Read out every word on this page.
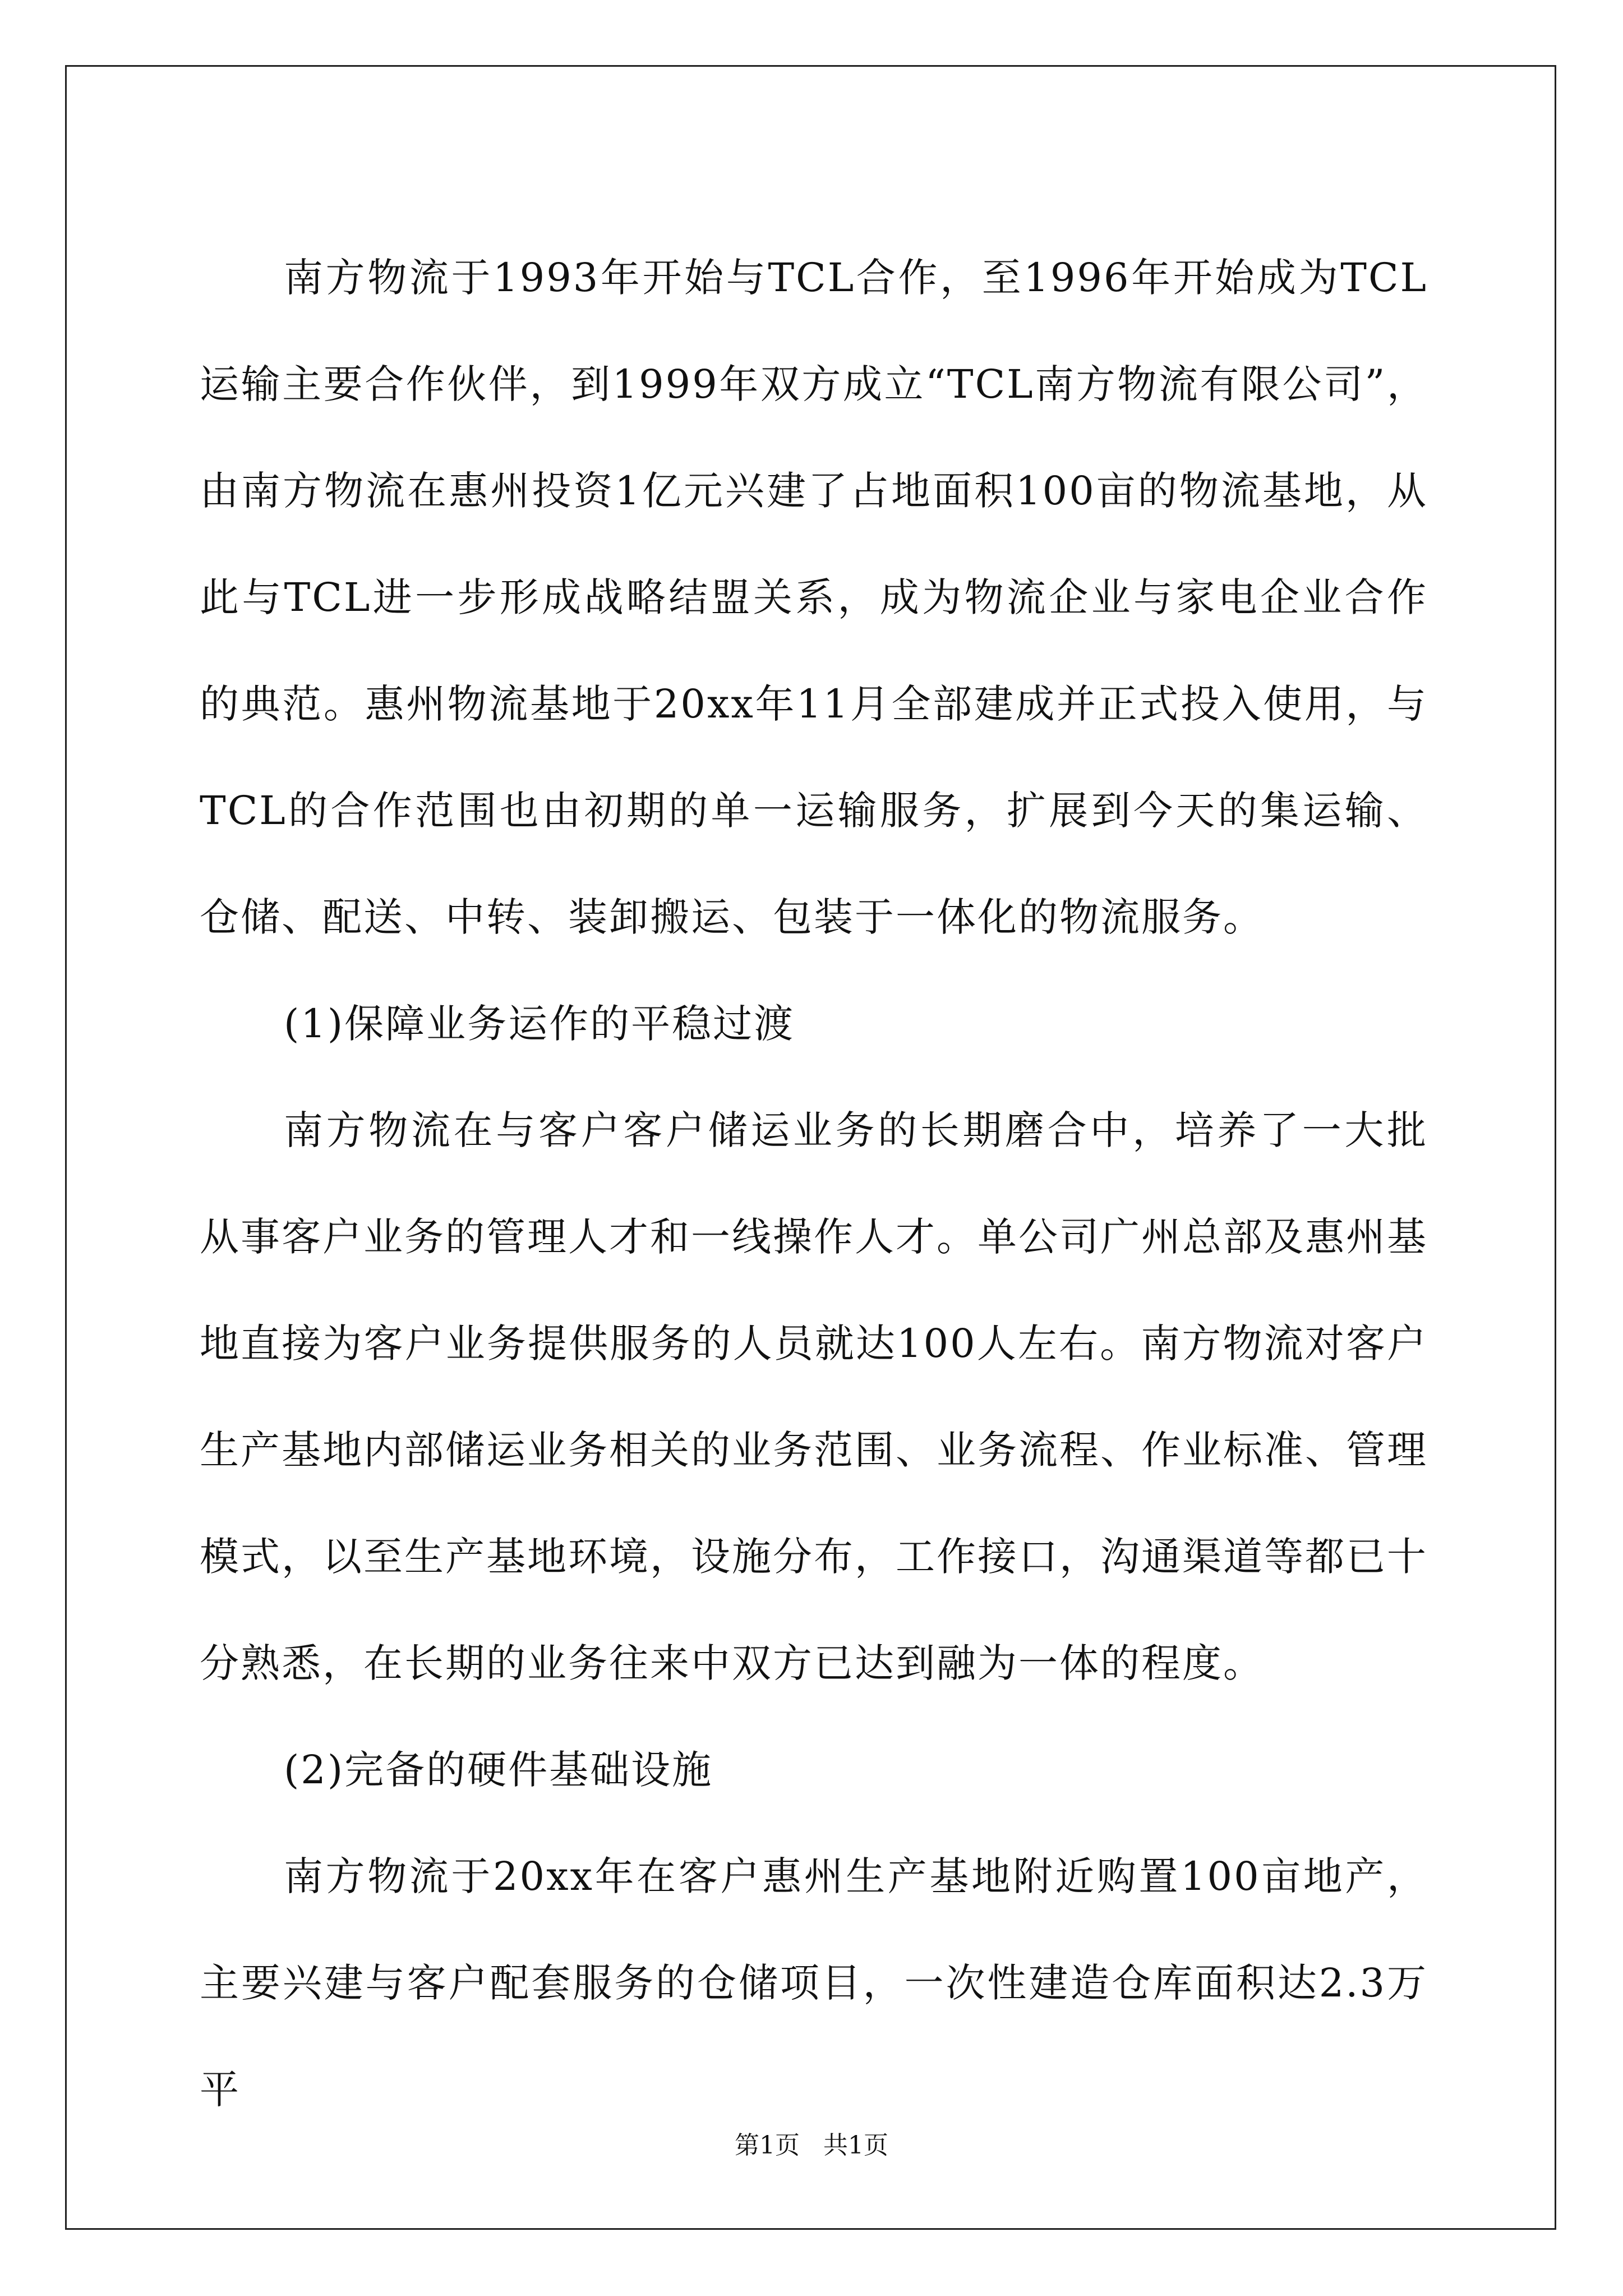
南方物流于1993年开始与TCL合作，至1996年开始成为TCL运输主要合作伙伴，到1999年双方成立“TCL南方物流有限公司”，由南方物流在惠州投资1亿元兴建了占地面积100亩的物流基地，从此与TCL进一步形成战略结盟关系，成为物流企业与家电企业合作的典范。惠州物流基地于20xx年11月全部建成并正式投入使用，与TCL的合作范围也由初期的单一运输服务，扩展到今天的集运输、仓储、配送、中转、装卸搬运、包装于一体化的物流服务。

(1)保障业务运作的平稳过渡

南方物流在与客户客户储运业务的长期磨合中，培养了一大批从事客户业务的管理人才和一线操作人才。单公司广州总部及惠州基地直接为客户业务提供服务的人员就达100人左右。南方物流对客户生产基地内部储运业务相关的业务范围、业务流程、作业标准、管理模式，以至生产基地环境，设施分布，工作接口，沟通渠道等都已十分熟悉，在长期的业务往来中双方已达到融为一体的程度。

(2)完备的硬件基础设施

南方物流于20xx年在客户惠州生产基地附近购置100亩地产，主要兴建与客户配套服务的仓储项目，一次性建造仓库面积达2.3万平

第1页 共1页
